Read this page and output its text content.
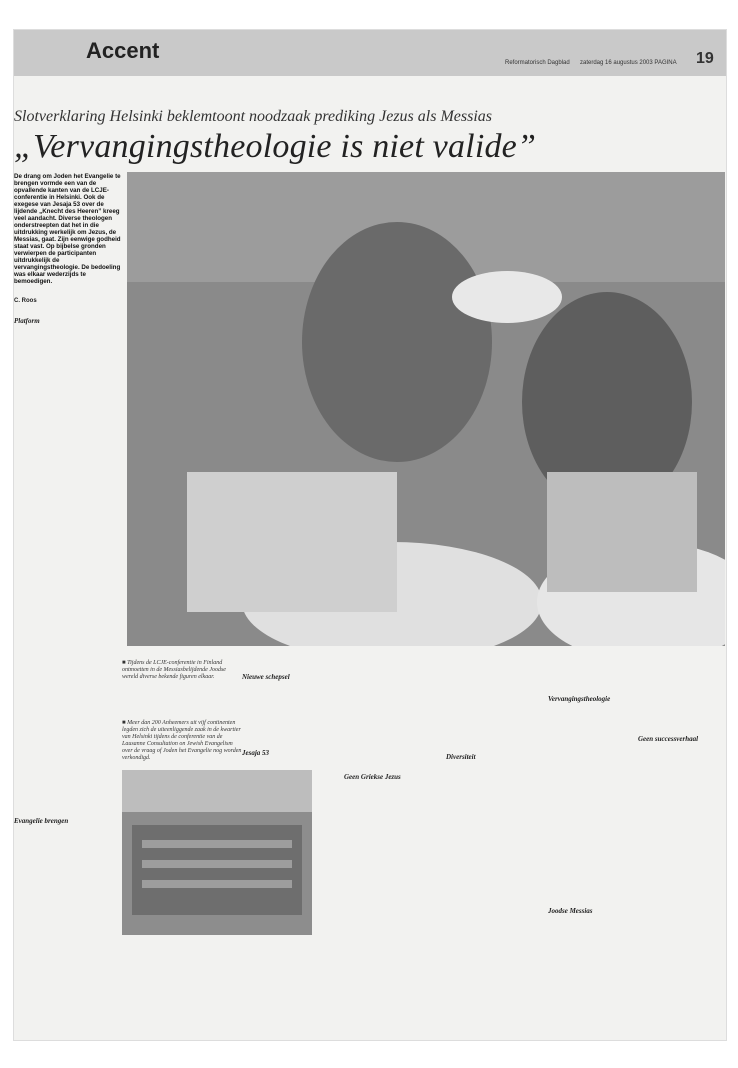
Accent	Reformatorisch Dagblad zaterdag 16 augustus 2003 PAGINA 19
Slotverklaring Helsinki beklemtoont noodzaak prediking Jezus als Messias
„Vervangingstheologie is niet valide”
De drang om Joden het Evangelie te brengen vormde een van de opvallende kanten van de LCJE-conferentie in Helsinki. Ook de exegese van Jesaja 53 over de lijdende „Knecht des Heeren” kreeg veel aandacht. Diverse theologen onderstreepten dat het in die uitdrukking werkelijk om Jezus, de Messias, gaat. Zijn eenwige godheid staat vast. Op bijbelse gronden verwierpen de participanten uitdrukkelijk de vervangingstheologie. De bedoeling was elkaar wederzijds te bemoedigen.
C. Roos
■ Tijdens de LCJE-conferentie in Finland ontmoetten in de Messiasbelijdende Joodse wereld diverse bekende figuren elkaar.
■ Meer dan 200 Anheemers uit vijf continenten legden zich de uiteenliggende zaak in de kwartier van Helsinki tijdens de conferentie van de Lausanne Consultation on Jewish Evangelism over de vraag of Joden het Evangelie nog worden verkondigd.
Platform
Nieuwe schepsel
Evangelie brengen
Jesaja 53
Geen Griekse Jezus
Diversiteit
Vervangingstheologie
Joodse Messias
Geen successverhaal
